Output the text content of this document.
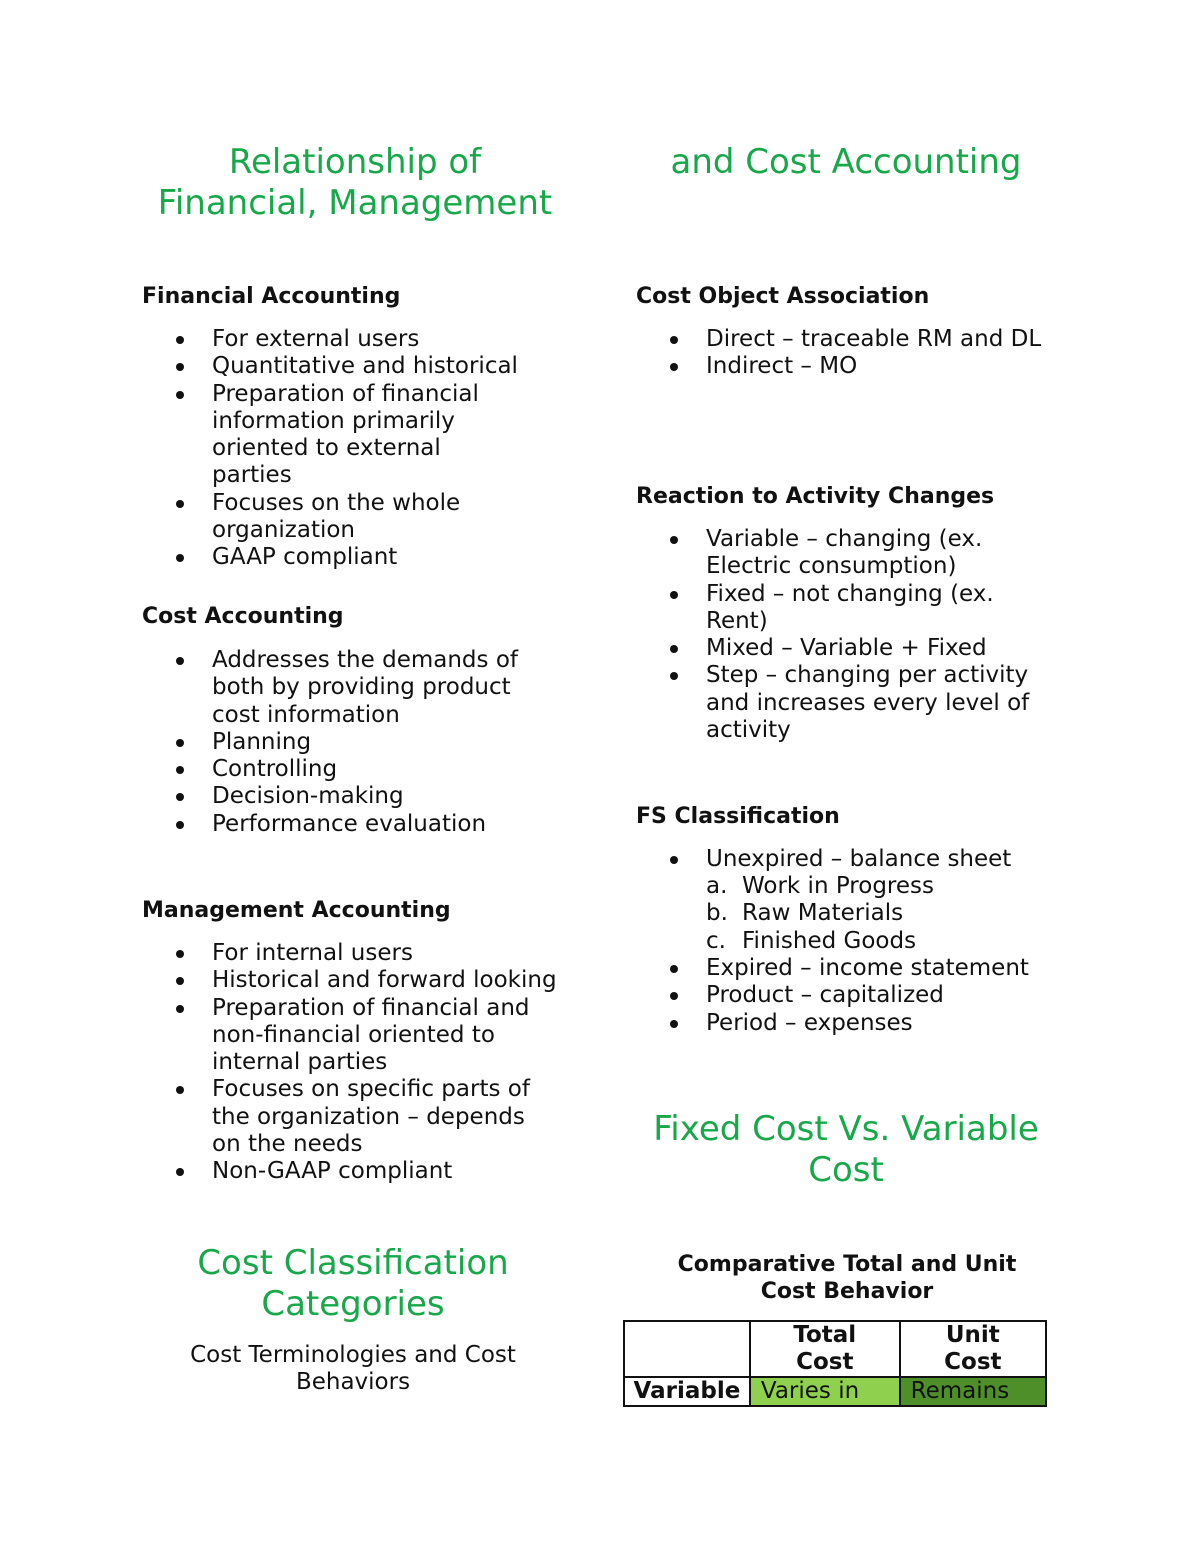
Relationship of
Financial, Management
Financial Accounting
For external users
Quantitative and historical
Preparation of financial information primarily oriented to external parties
Focuses on the whole organization
GAAP compliant
Cost Accounting
Addresses the demands of both by providing product cost information
Planning
Controlling
Decision-making
Performance evaluation
Management Accounting
For internal users
Historical and forward looking
Preparation of financial and non-financial oriented to internal parties
Focuses on specific parts of the organization – depends on the needs
Non-GAAP compliant
Cost Classification
Categories
Cost Terminologies and Cost
Behaviors
and Cost Accounting
Cost Object Association
Direct – traceable RM and DL
Indirect – MO
Reaction to Activity Changes
Variable – changing (ex. Electric consumption)
Fixed – not changing (ex. Rent)
Mixed – Variable + Fixed
Step – changing per activity and increases every level of activity
FS Classification
Unexpired – balance sheet
a. Work in Progress
b. Raw Materials
c. Finished Goods
Expired – income statement
Product – capitalized
Period – expenses
Fixed Cost Vs. Variable
Cost
Comparative Total and Unit
Cost Behavior
	Total Cost	Unit Cost
Variable	Varies in	Remains
